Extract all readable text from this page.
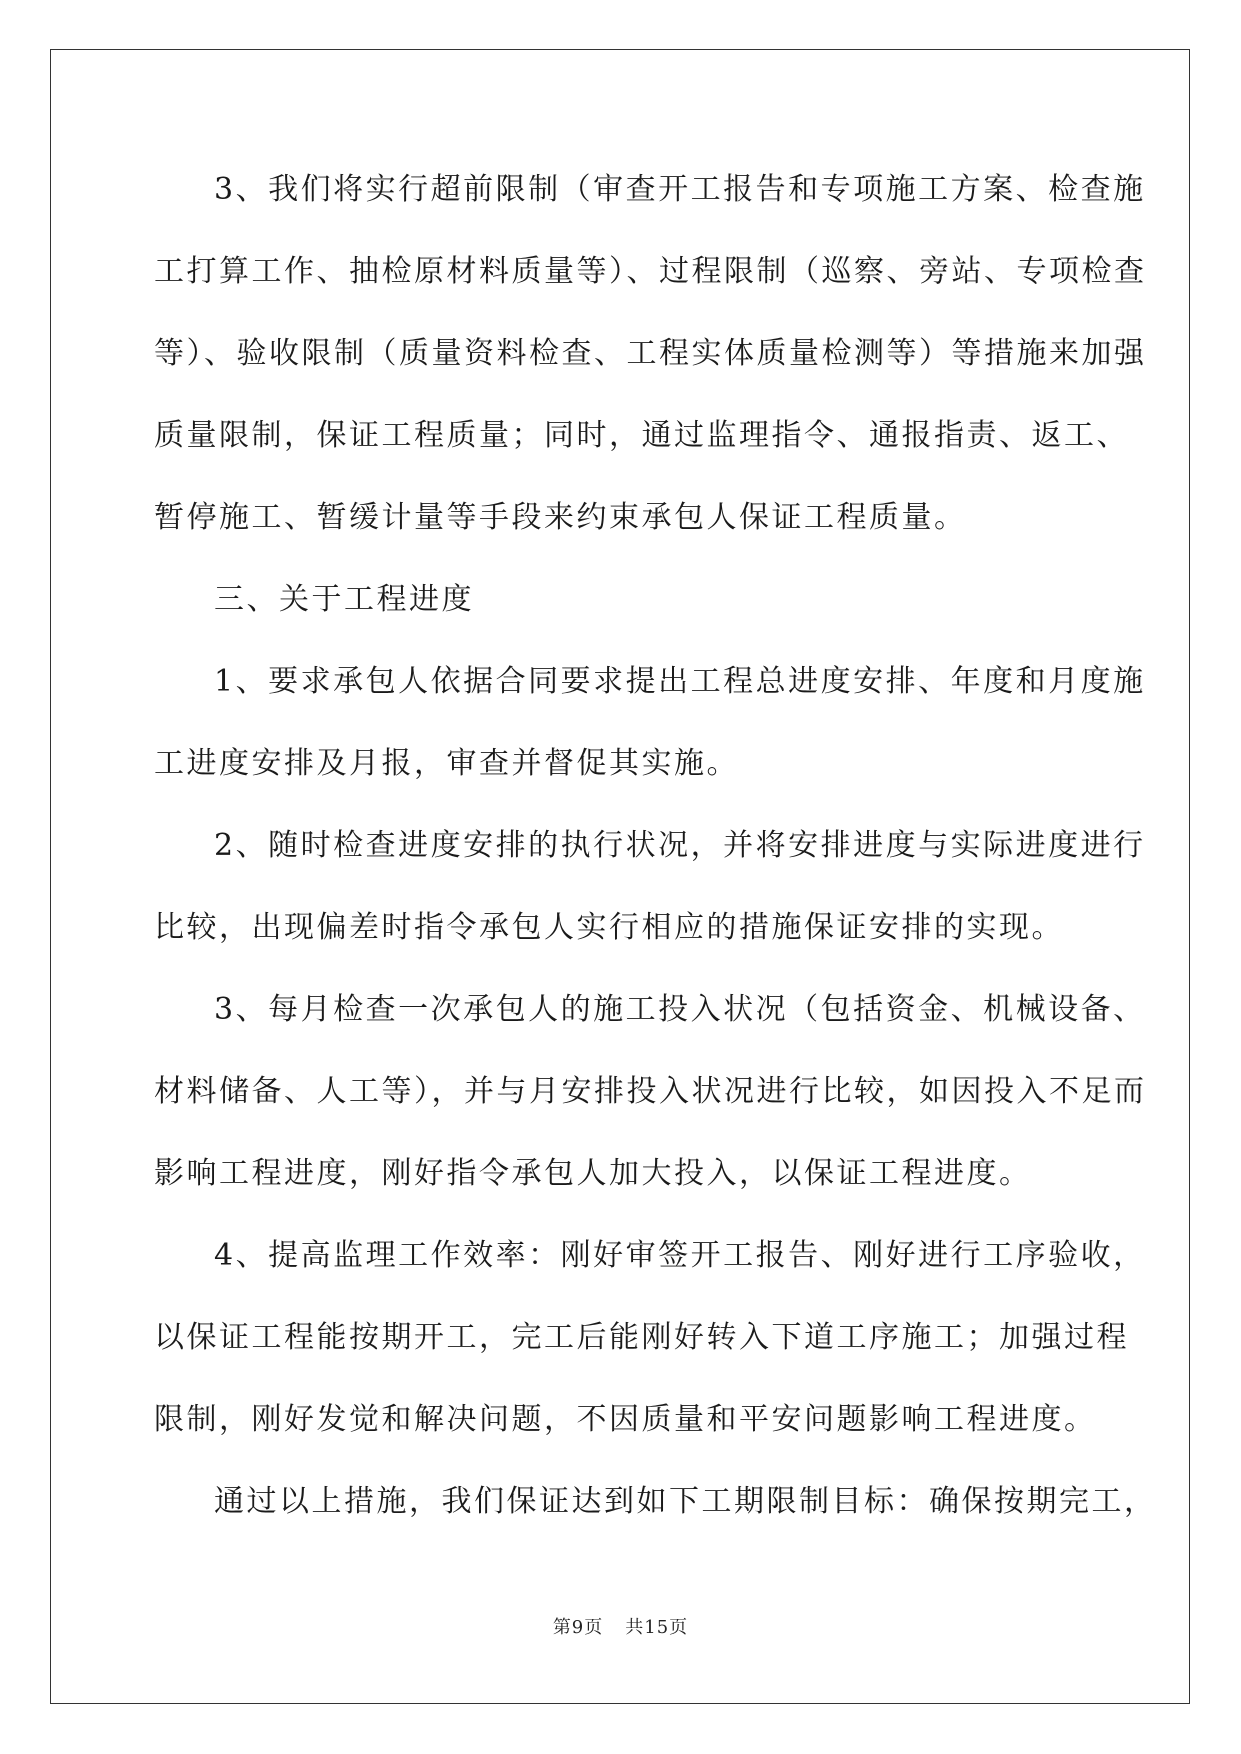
3、我们将实行超前限制（审查开工报告和专项施工方案、检查施
工打算工作、抽检原材料质量等）、过程限制（巡察、旁站、专项检查
等）、验收限制（质量资料检查、工程实体质量检测等）等措施来加强
质量限制，保证工程质量；同时，通过监理指令、通报指责、返工、
暂停施工、暂缓计量等手段来约束承包人保证工程质量。
三、关于工程进度
1、要求承包人依据合同要求提出工程总进度安排、年度和月度施
工进度安排及月报，审查并督促其实施。
2、随时检查进度安排的执行状况，并将安排进度与实际进度进行
比较，出现偏差时指令承包人实行相应的措施保证安排的实现。
3、每月检查一次承包人的施工投入状况（包括资金、机械设备、
材料储备、人工等），并与月安排投入状况进行比较，如因投入不足而
影响工程进度，刚好指令承包人加大投入，以保证工程进度。
4、提高监理工作效率：刚好审签开工报告、刚好进行工序验收，
以保证工程能按期开工，完工后能刚好转入下道工序施工；加强过程
限制，刚好发觉和解决问题，不因质量和平安问题影响工程进度。
通过以上措施，我们保证达到如下工期限制目标：确保按期完工，
第9页 共15页
